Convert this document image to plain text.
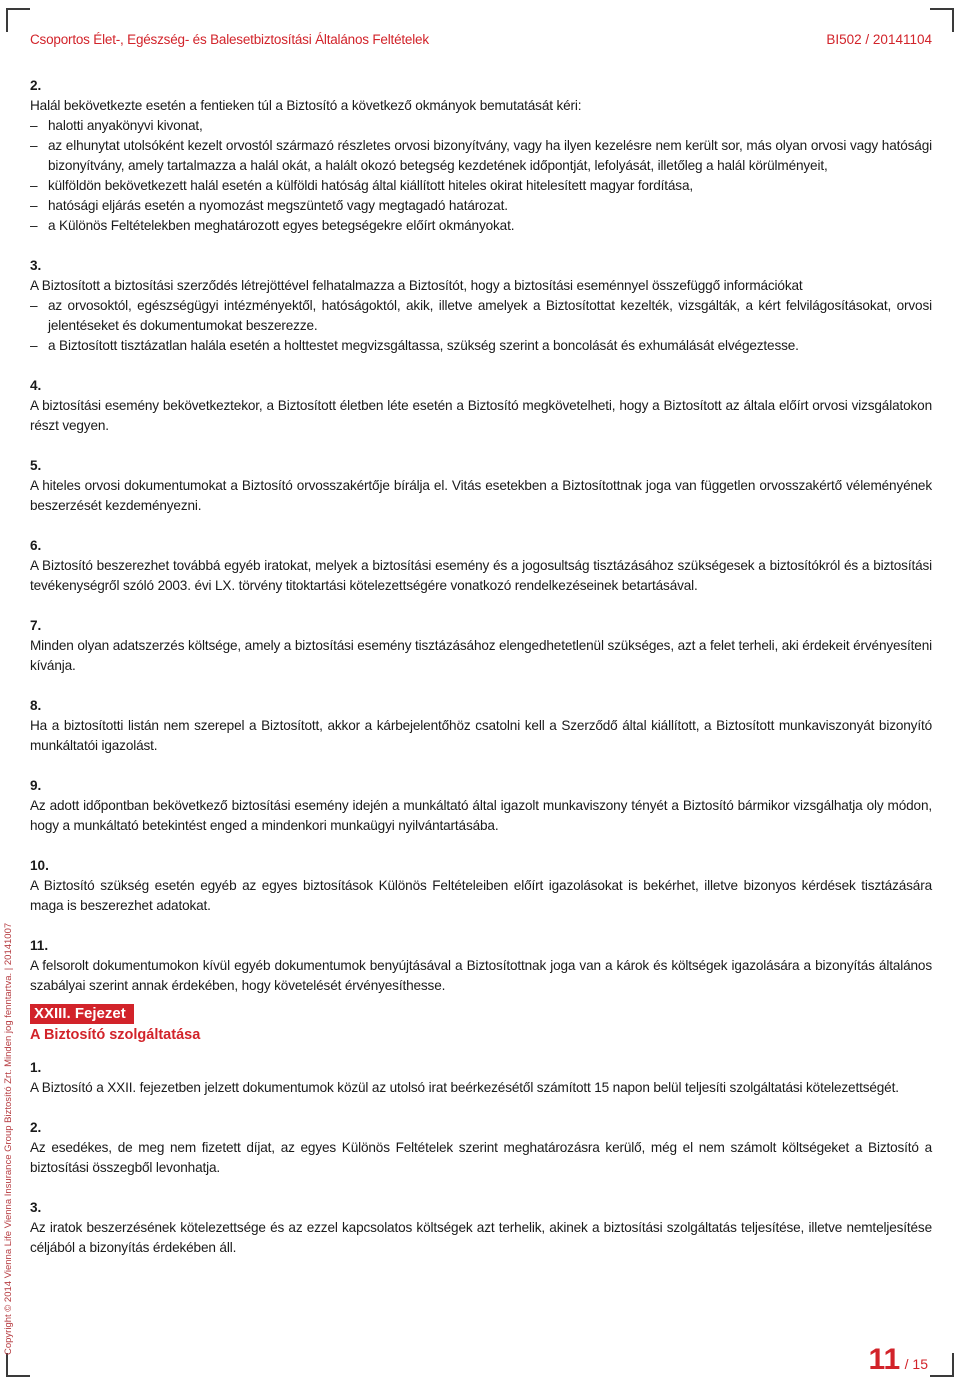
Csoportos Élet-, Egészség- és Balesetbiztosítási Általános Feltételek	BI502 / 20141104
Copyright © 2014 Vienna Life Vienna Insurance Group Biztosító Zrt. Minden jog fenntartva. | 20141007
2.
Halál bekövetkezte esetén a fentieken túl a Biztosító a következő okmányok bemutatását kéri:
– halotti anyakönyvi kivonat,
– az elhunytat utolsóként kezelt orvostól származó részletes orvosi bizonyítvány, vagy ha ilyen kezelésre nem került sor, más olyan orvosi vagy hatósági bizonyítvány, amely tartalmazza a halál okát, a halált okozó betegség kezdetének időpontját, lefolyását, illetőleg a halál körülményeit,
– külföldön bekövetkezett halál esetén a külföldi hatóság által kiállított hiteles okirat hitelesített magyar fordítása,
– hatósági eljárás esetén a nyomozást megszüntető vagy megtagadó határozat.
– a Különös Feltételekben meghatározott egyes betegségekre előírt okmányokat.
3.
A Biztosított a biztosítási szerződés létrejöttével felhatalmazza a Biztosítót, hogy a biztosítási eseménnyel összefüggő információkat
– az orvosoktól, egészségügyi intézményektől, hatóságoktól, akik, illetve amelyek a Biztosítottat kezelték, vizsgálták, a kért felvilágosításokat, orvosi jelentéseket és dokumentumokat beszerezze.
– a Biztosított tisztázatlan halála esetén a holttestet megvizsgáltassa, szükség szerint a boncolását és exhumálását elvégeztesse.
4.
A biztosítási esemény bekövetkeztekor, a Biztosított életben léte esetén a Biztosító megkövetelheti, hogy a Biztosított az általa előírt orvosi vizsgálatokon részt vegyen.
5.
A hiteles orvosi dokumentumokat a Biztosító orvosszakértője bírálja el. Vitás esetekben a Biztosítottnak joga van független orvosszakértő véleményének beszerzését kezdeményezni.
6.
A Biztosító beszerezhet továbbá egyéb iratokat, melyek a biztosítási esemény és a jogosultság tisztázásához szükségesek a biztosítókról és a biztosítási tevékenységről szóló 2003. évi LX. törvény titoktartási kötelezettségére vonatkozó rendelkezéseinek betartásával.
7.
Minden olyan adatszerzés költsége, amely a biztosítási esemény tisztázásához elengedhetetlenül szükséges, azt a felet terheli, aki érdekeit érvényesíteni kívánja.
8.
Ha a biztosítotti listán nem szerepel a Biztosított, akkor a kárbejelentőhöz csatolni kell a Szerződő által kiállított, a Biztosított munkaviszonyát bizonyító munkáltatói igazolást.
9.
Az adott időpontban bekövetkező biztosítási esemény idején a munkáltató által igazolt munkaviszony tényét a Biztosító bármikor vizsgálhatja oly módon, hogy a munkáltató betekintést enged a mindenkori munkaügyi nyilvántartásába.
10.
A Biztosító szükség esetén egyéb az egyes biztosítások Különös Feltételeiben előírt igazolásokat is bekérhet, illetve bizonyos kérdések tisztázására maga is beszerezhet adatokat.
11.
A felsorolt dokumentumokon kívül egyéb dokumentumok benyújtásával a Biztosítottnak joga van a károk és költségek igazolására a bizonyítás általános szabályai szerint annak érdekében, hogy követelését érvényesíthesse.
XXIII. Fejezet
A Biztosító szolgáltatása
1.
A Biztosító a XXII. fejezetben jelzett dokumentumok közül az utolsó irat beérkezésétől számított 15 napon belül teljesíti szolgáltatási kötelezettségét.
2.
Az esedékes, de meg nem fizetett díjat, az egyes Különös Feltételek szerint meghatározásra kerülő, még el nem számolt költségeket a Biztosító a biztosítási összegből levonhatja.
3.
Az iratok beszerzésének kötelezettsége és az ezzel kapcsolatos költségek azt terhelik, akinek a biztosítási szolgáltatás teljesítése, illetve nemteljesítése céljából a bizonyítás érdekében áll.
11 / 15
